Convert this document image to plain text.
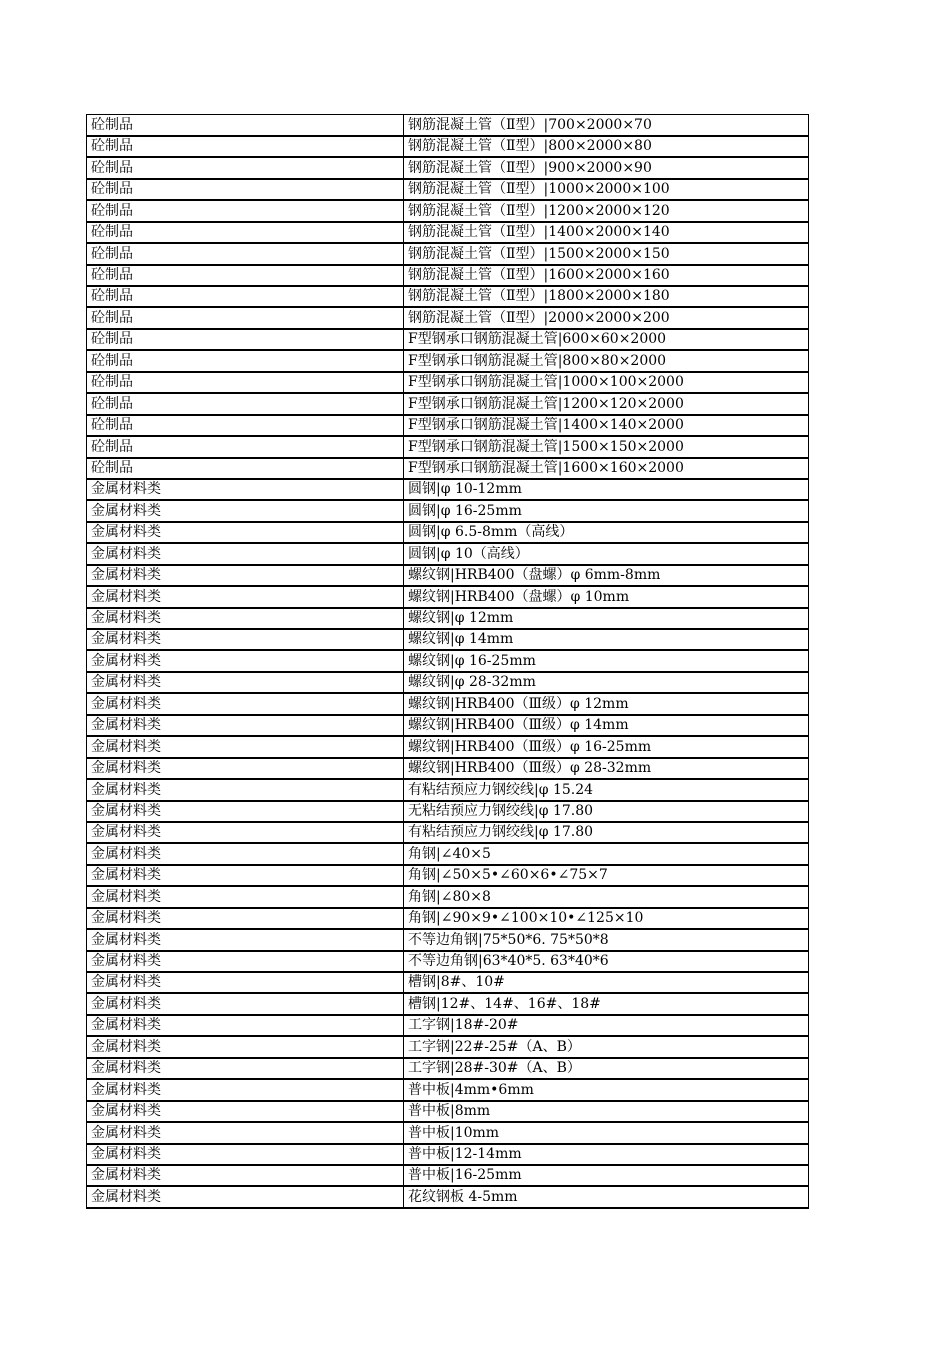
砼制品	钢筋混凝土管（Ⅱ型）|700×2000×70
砼制品	钢筋混凝土管（Ⅱ型）|800×2000×80
砼制品	钢筋混凝土管（Ⅱ型）|900×2000×90
砼制品	钢筋混凝土管（Ⅱ型）|1000×2000×100
砼制品	钢筋混凝土管（Ⅱ型）|1200×2000×120
砼制品	钢筋混凝土管（Ⅱ型）|1400×2000×140
砼制品	钢筋混凝土管（Ⅱ型）|1500×2000×150
砼制品	钢筋混凝土管（Ⅱ型）|1600×2000×160
砼制品	钢筋混凝土管（Ⅱ型）|1800×2000×180
砼制品	钢筋混凝土管（Ⅱ型）|2000×2000×200
砼制品	F型钢承口钢筋混凝土管|600×60×2000
砼制品	F型钢承口钢筋混凝土管|800×80×2000
砼制品	F型钢承口钢筋混凝土管|1000×100×2000
砼制品	F型钢承口钢筋混凝土管|1200×120×2000
砼制品	F型钢承口钢筋混凝土管|1400×140×2000
砼制品	F型钢承口钢筋混凝土管|1500×150×2000
砼制品	F型钢承口钢筋混凝土管|1600×160×2000
金属材料类	圆钢|φ 10-12mm
金属材料类	圆钢|φ 16-25mm
金属材料类	圆钢|φ 6.5-8mm（高线）
金属材料类	圆钢|φ 10（高线）
金属材料类	螺纹钢|HRB400（盘螺）φ 6mm-8mm
金属材料类	螺纹钢|HRB400（盘螺）φ 10mm
金属材料类	螺纹钢|φ 12mm
金属材料类	螺纹钢|φ 14mm
金属材料类	螺纹钢|φ 16-25mm
金属材料类	螺纹钢|φ 28-32mm
金属材料类	螺纹钢|HRB400（Ⅲ级）φ 12mm
金属材料类	螺纹钢|HRB400（Ⅲ级）φ 14mm
金属材料类	螺纹钢|HRB400（Ⅲ级）φ 16-25mm
金属材料类	螺纹钢|HRB400（Ⅲ级）φ 28-32mm
金属材料类	有粘结预应力钢绞线|φ 15.24
金属材料类	无粘结预应力钢绞线|φ 17.80
金属材料类	有粘结预应力钢绞线|φ 17.80
金属材料类	角钢|∠40×5
金属材料类	角钢|∠50×5•∠60×6•∠75×7
金属材料类	角钢|∠80×8
金属材料类	角钢|∠90×9•∠100×10•∠125×10
金属材料类	不等边角钢|75*50*6. 75*50*8
金属材料类	不等边角钢|63*40*5. 63*40*6
金属材料类	槽钢|8#、10#
金属材料类	槽钢|12#、14#、16#、18#
金属材料类	工字钢|18#-20#
金属材料类	工字钢|22#-25#（A、B）
金属材料类	工字钢|28#-30#（A、B）
金属材料类	普中板|4mm•6mm
金属材料类	普中板|8mm
金属材料类	普中板|10mm
金属材料类	普中板|12-14mm
金属材料类	普中板|16-25mm
金属材料类	花纹钢板 4-5mm
